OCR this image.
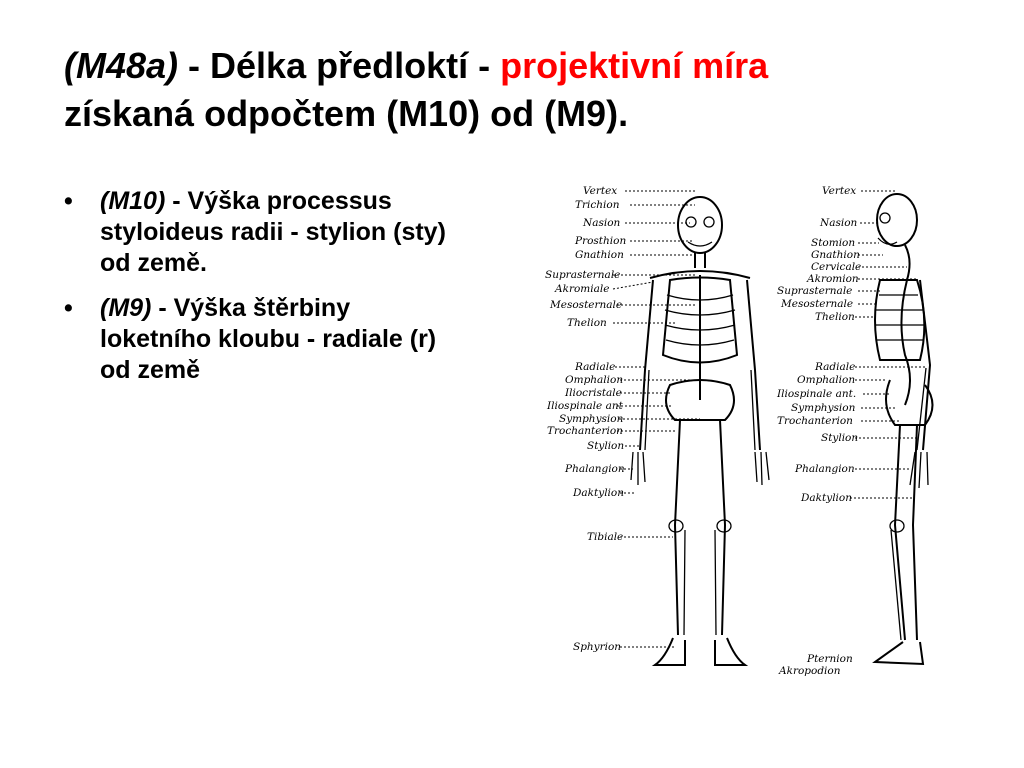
(M48a) - Délka předloktí - projektivní míra
získaná odpočtem (M10) od (M9).
• (M10) - Výška processus styloideus radii - stylion (sty) od země.
• (M9) - Výška štěrbiny loketního kloubu - radiale (r) od země
Vertex
Trichion
Nasion
Prosthion
Gnathion
Suprasternale
Akromiale
Mesosternale
Thelion
Radiale
Omphalion
Iliocristale
Iliospinale ant
Symphysion
Trochanterion
Stylion
Phalangion
Daktylion
Tibiale
Sphyrion
Vertex
Nasion
Stomion
Gnathion
Cervicale
Akromion
Suprasternale
Mesosternale
Thelion
Radiale
Omphalion
Iliospinale ant.
Symphysion
Trochanterion
Stylion
Phalangion
Daktylion
Pternion
Akropodion
